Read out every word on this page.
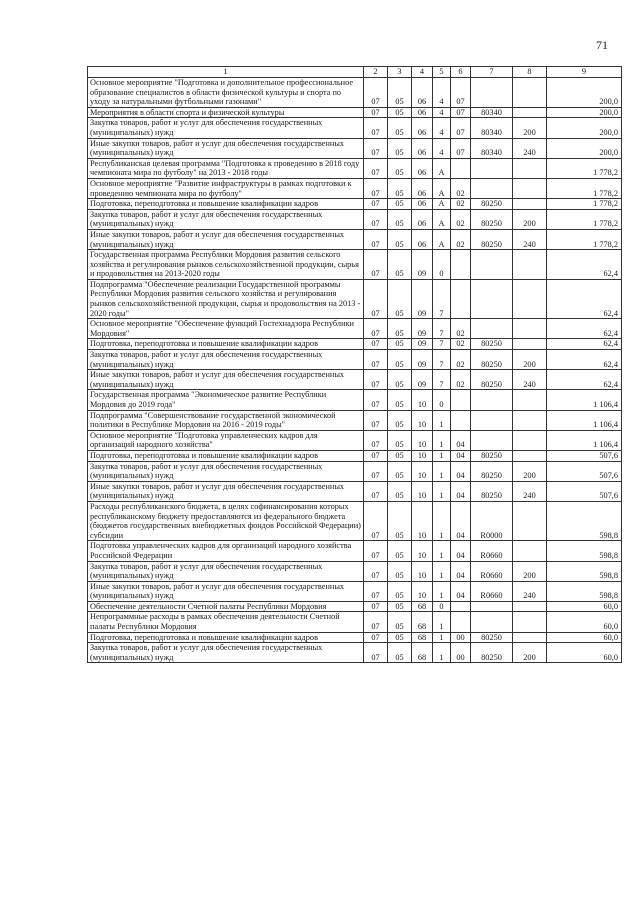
71
1	2	3	4	5	6	7	8	9
Основное мероприятие "Подготовка и дополнительное профессиональное образование специалистов в области физической культуры и спорта по уходу за натуральными футбольными газонами"	07	05	06	4	07			200,0
Мероприятия в области спорта и физической культуры	07	05	06	4	07	80340		200,0
Закупка товаров, работ и услуг для обеспечения государственных (муниципальных) нужд	07	05	06	4	07	80340	200	200,0
Иные закупки товаров, работ и услуг для обеспечения государственных (муниципальных) нужд	07	05	06	4	07	80340	240	200,0
Республиканская целевая программа "Подготовка к проведению в 2018 году чемпионата мира по футболу" на 2013 - 2018 годы	07	05	06	А				1 778,2
Основное мероприятие "Развитие инфраструктуры в рамках подготовки к проведению чемпионата мира по футболу"	07	05	06	А	02			1 778,2
Подготовка, переподготовка и повышение квалификации кадров	07	05	06	А	02	80250		1 778,2
Закупка товаров, работ и услуг для обеспечения государственных (муниципальных) нужд	07	05	06	А	02	80250	200	1 778,2
Иные закупки товаров, работ и услуг для обеспечения государственных (муниципальных) нужд	07	05	06	А	02	80250	240	1 778,2
Государственная программа Республики Мордовия развития сельского хозяйства и регулирования рынков сельскохозяйственной продукции, сырья и продовольствия на 2013-2020 годы	07	05	09	0				62,4
Подпрограмма "Обеспечение реализации Государственной программы Республики Мордовия развития сельского хозяйства и регулирования рынков сельскохозяйственной продукции, сырья и продовольствия на 2013 - 2020 годы"	07	05	09	7				62,4
Основное мероприятие "Обеспечение функций Гостехнадзора Республики Мордовия"	07	05	09	7	02			62,4
Подготовка, переподготовка и повышение квалификации кадров	07	05	09	7	02	80250		62,4
Закупка товаров, работ и услуг для обеспечения государственных (муниципальных) нужд	07	05	09	7	02	80250	200	62,4
Иные закупки товаров, работ и услуг для обеспечения государственных (муниципальных) нужд	07	05	09	7	02	80250	240	62,4
Государственная программа "Экономическое развитие Республики Мордовия до 2019 года"	07	05	10	0				1 106,4
Подпрограмма "Совершенствование государственной экономической политики в Республике Мордовия на 2016 - 2019 годы"	07	05	10	1				1 106,4
Основное мероприятие "Подготовка управленческих кадров для организаций народного хозяйства"	07	05	10	1	04			1 106,4
Подготовка, переподготовка и повышение квалификации кадров	07	05	10	1	04	80250		507,6
Закупка товаров, работ и услуг для обеспечения государственных (муниципальных) нужд	07	05	10	1	04	80250	200	507,6
Иные закупки товаров, работ и услуг для обеспечения государственных (муниципальных) нужд	07	05	10	1	04	80250	240	507,6
Расходы республиканского бюджета, в целях софинансирования которых республиканскому бюджету предоставляются из федерального бюджета (бюджетов государственных внебюджетных фондов Российской Федерации) субсидии	07	05	10	1	04	R0000		598,8
Подготовка управленческих кадров для организаций народного хозяйства Российской Федерации	07	05	10	1	04	R0660		598,8
Закупка товаров, работ и услуг для обеспечения государственных (муниципальных) нужд	07	05	10	1	04	R0660	200	598,8
Иные закупки товаров, работ и услуг для обеспечения государственных (муниципальных) нужд	07	05	10	1	04	R0660	240	598,8
Обеспечение деятельности Счетной палаты Республики Мордовия	07	05	68	0				60,0
Непрограммные расходы в рамках обеспечения деятельности Счетной палаты Республики Мордовия	07	05	68	1				60,0
Подготовка, переподготовка и повышение квалификации кадров	07	05	68	1	00	80250		60,0
Закупка товаров, работ и услуг для обеспечения государственных (муниципальных) нужд	07	05	68	1	00	80250	200	60,0
